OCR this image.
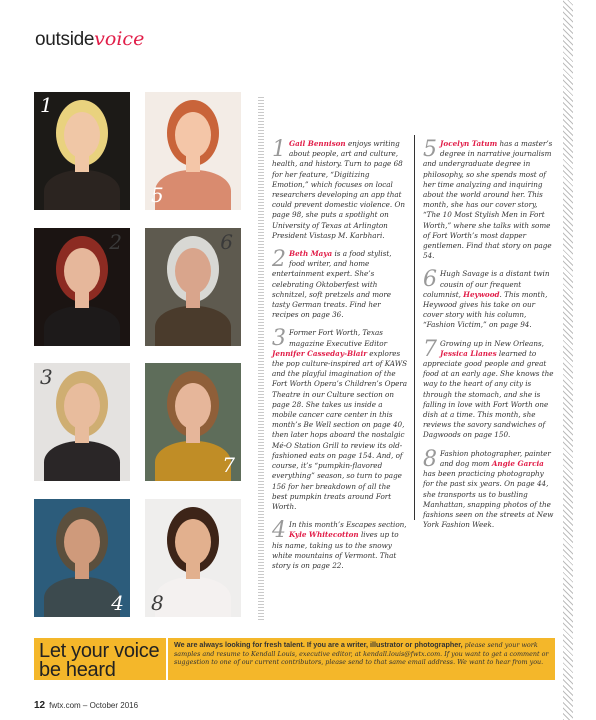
outsidevoice
1
5
2	6
3
7
4 8
1 Gail Bennison enjoys writing about people, art and culture, health, and history. Turn to page 68 for her feature, “Digitizing Emotion,” which focuses on local researchers developing an app that could prevent domestic violence. On page 98, she puts a spotlight on University of Texas at Arlington President Vistasp M. Karbhari.
2 Beth Maya is a food stylist, food writer, and home entertainment expert. She’s celebrating Oktoberfest with schnitzel, soft pretzels and more tasty German treats. Find her recipes on page 36.
3 Former Fort Worth, Texas magazine Executive Editor Jennifer Casseday-Blair explores the pop culture-inspired art of KAWS and the playful imagination of the Fort Worth Opera’s Children’s Opera Theatre in our Culture section on page 28. She takes us inside a mobile cancer care center in this month’s Be Well section on page 40, then later hops aboard the nostalgic Mé-O Station Grill to review its old-fashioned eats on page 154. And, of course, it’s “pumpkin-flavored everything” season, so turn to page 156 for her breakdown of all the best pumpkin treats around Fort Worth.
4 In this month’s Escapes section, Kyle Whitecotton lives up to his name, taking us to the snowy white mountains of Vermont. That story is on page 22.
5 Jocelyn Tatum has a master’s degree in narrative journalism and undergraduate degree in philosophy, so she spends most of her time analyzing and inquiring about the world around her. This month, she has our cover story, “The 10 Most Stylish Men in Fort Worth,” where she talks with some of Fort Worth’s most dapper gentlemen. Find that story on page 54.
6 Hugh Savage is a distant twin cousin of our frequent columnist, Heywood. This month, Heywood gives his take on our cover story with his column, “Fashion Victim,” on page 94.
7 Growing up in New Orleans, Jessica Llanes learned to appreciate good people and great food at an early age. She knows the way to the heart of any city is through the stomach, and she is falling in love with Fort Worth one dish at a time. This month, she reviews the savory sandwiches of Dagwoods on page 150.
8 Fashion photographer, painter and dog mom Angie Garcia has been practicing photography for the past six years. On page 44, she transports us to bustling Manhattan, snapping photos of the fashions seen on the streets at New York Fashion Week.
Let your voice
be heard
We are always looking for fresh talent. If you are a writer, illustrator or photographer, please send your work samples and resume to Kendall Louis, executive editor, at kendall.louis@fwtx.com. If you want to get a comment or suggestion to one of our current contributors, please send to that same email address. We want to hear from you.
12 fwtx.com – October 2016
